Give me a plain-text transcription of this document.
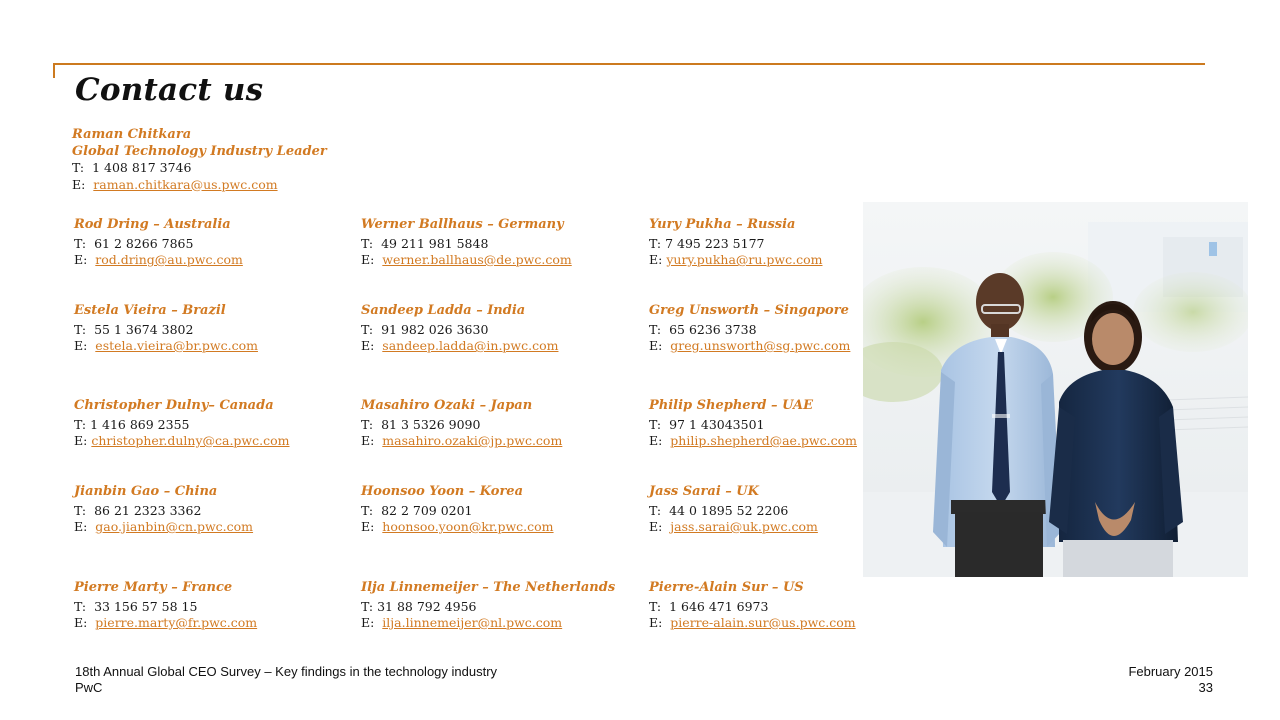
Contact us
Raman Chitkara
Global Technology Industry Leader
T: 1 408 817 3746
E: raman.chitkara@us.pwc.com
Rod Dring – Australia
T: 61 2 8266 7865
E: rod.dring@au.pwc.com
Werner Ballhaus – Germany
T: 49 211 981 5848
E: werner.ballhaus@de.pwc.com
Yury Pukha – Russia
T: 7 495 223 5177
E: yury.pukha@ru.pwc.com
Estela Vieira – Brazil
T: 55 1 3674 3802
E: estela.vieira@br.pwc.com
Sandeep Ladda – India
T: 91 982 026 3630
E: sandeep.ladda@in.pwc.com
Greg Unsworth – Singapore
T: 65 6236 3738
E: greg.unsworth@sg.pwc.com
Christopher Dulny– Canada
T: 1 416 869 2355
E: christopher.dulny@ca.pwc.com
Masahiro Ozaki – Japan
T: 81 3 5326 9090
E: masahiro.ozaki@jp.pwc.com
Philip Shepherd – UAE
T: 97 1 43043501
E: philip.shepherd@ae.pwc.com
Jianbin Gao – China
T: 86 21 2323 3362
E: gao.jianbin@cn.pwc.com
Hoonsoo Yoon – Korea
T: 82 2 709 0201
E: hoonsoo.yoon@kr.pwc.com
Jass Sarai – UK
T: 44 0 1895 52 2206
E: jass.sarai@uk.pwc.com
Pierre Marty – France
T: 33 156 57 58 15
E: pierre.marty@fr.pwc.com
Ilja Linnemeijer – The Netherlands
T: 31 88 792 4956
E: ilja.linnemeijer@nl.pwc.com
Pierre-Alain Sur – US
T: 1 646 471 6973
E: pierre-alain.sur@us.pwc.com
18th Annual Global CEO Survey – Key findings in the technology industry
PwC
February 2015
33
